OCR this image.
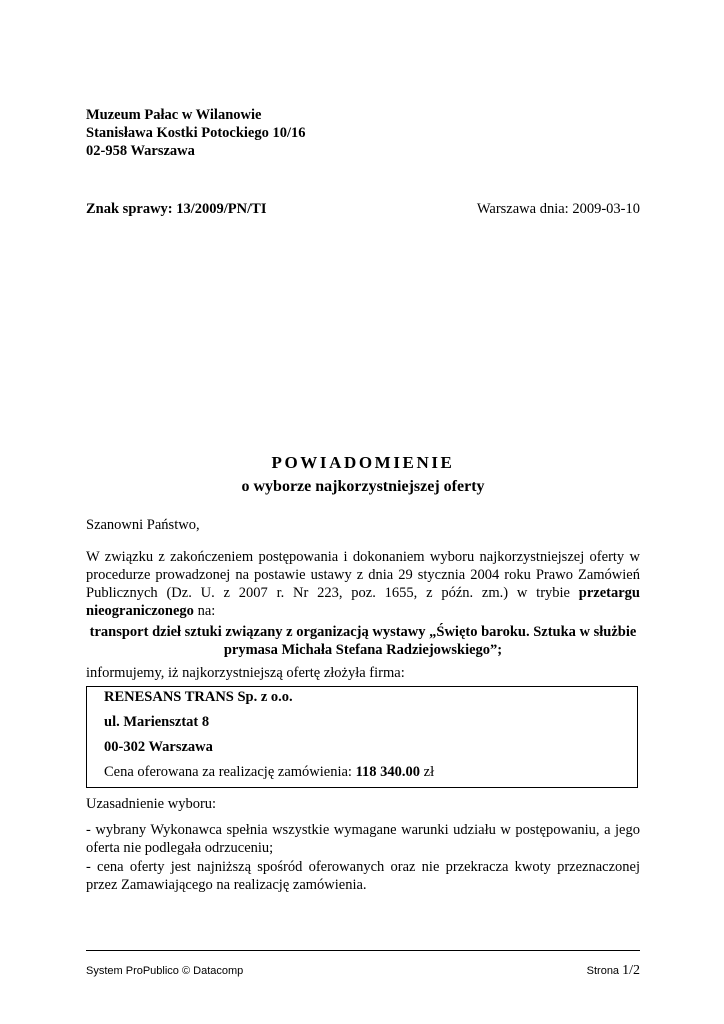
Muzeum Pałac w Wilanowie
Stanisława Kostki Potockiego 10/16
02-958 Warszawa
Znak sprawy: 13/2009/PN/TI	Warszawa dnia: 2009-03-10
POWIADOMIENIE
o wyborze najkorzystniejszej oferty
Szanowni Państwo,
W związku z zakończeniem postępowania i dokonaniem wyboru najkorzystniejszej oferty w procedurze prowadzonej na postawie ustawy z dnia 29 stycznia 2004 roku Prawo Zamówień Publicznych (Dz. U. z 2007 r. Nr 223, poz. 1655, z późn. zm.) w trybie przetargu nieograniczonego na:
transport dzieł sztuki związany z organizacją wystawy „Święto baroku. Sztuka w służbie
prymasa Michała Stefana Radziejowskiego”;
informujemy, iż najkorzystniejszą ofertę złożyła firma:
RENESANS TRANS Sp. z o.o.
ul. Mariensztat 8
00-302 Warszawa
Cena oferowana za realizację zamówienia: 118 340.00 zł
Uzasadnienie wyboru:
- wybrany Wykonawca spełnia wszystkie wymagane warunki udziału w postępowaniu, a jego oferta nie podlegała odrzuceniu;
- cena oferty jest najniższą spośród oferowanych oraz nie przekracza kwoty przeznaczonej przez Zamawiającego na realizację zamówienia.
System ProPublico © Datacomp	Strona 1/2
